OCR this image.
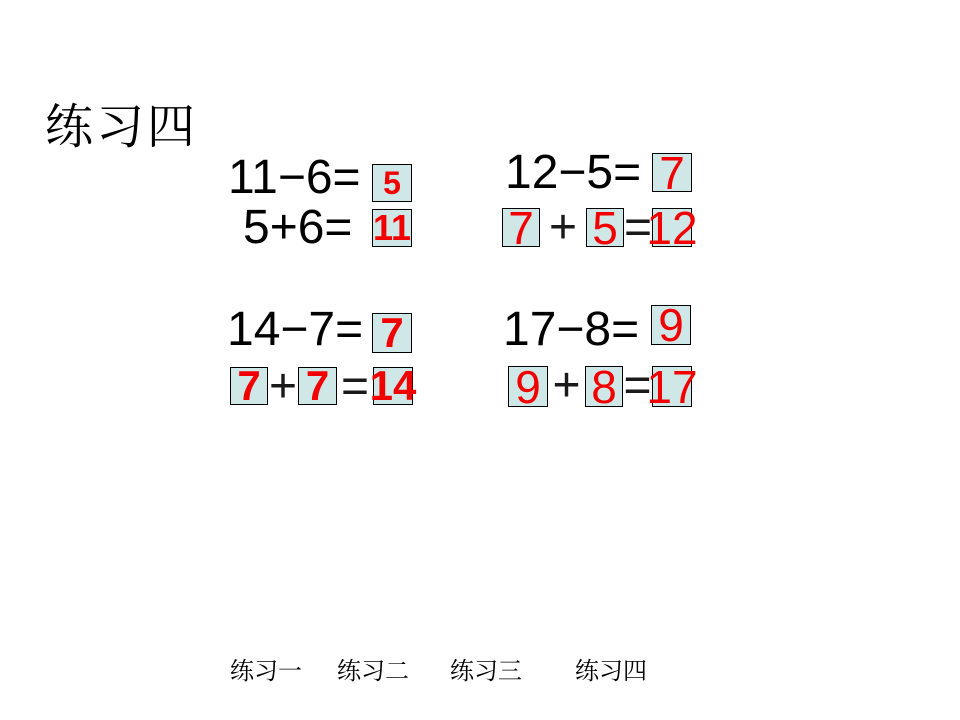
练习四
11−6= 5
5+6= 11
12−5= 7
7 + 5 =
12
14−7= 7
7 + 7 = 14
17−8= 9
9 + 8 =
17
练习一 练习二 练习三 练习四
